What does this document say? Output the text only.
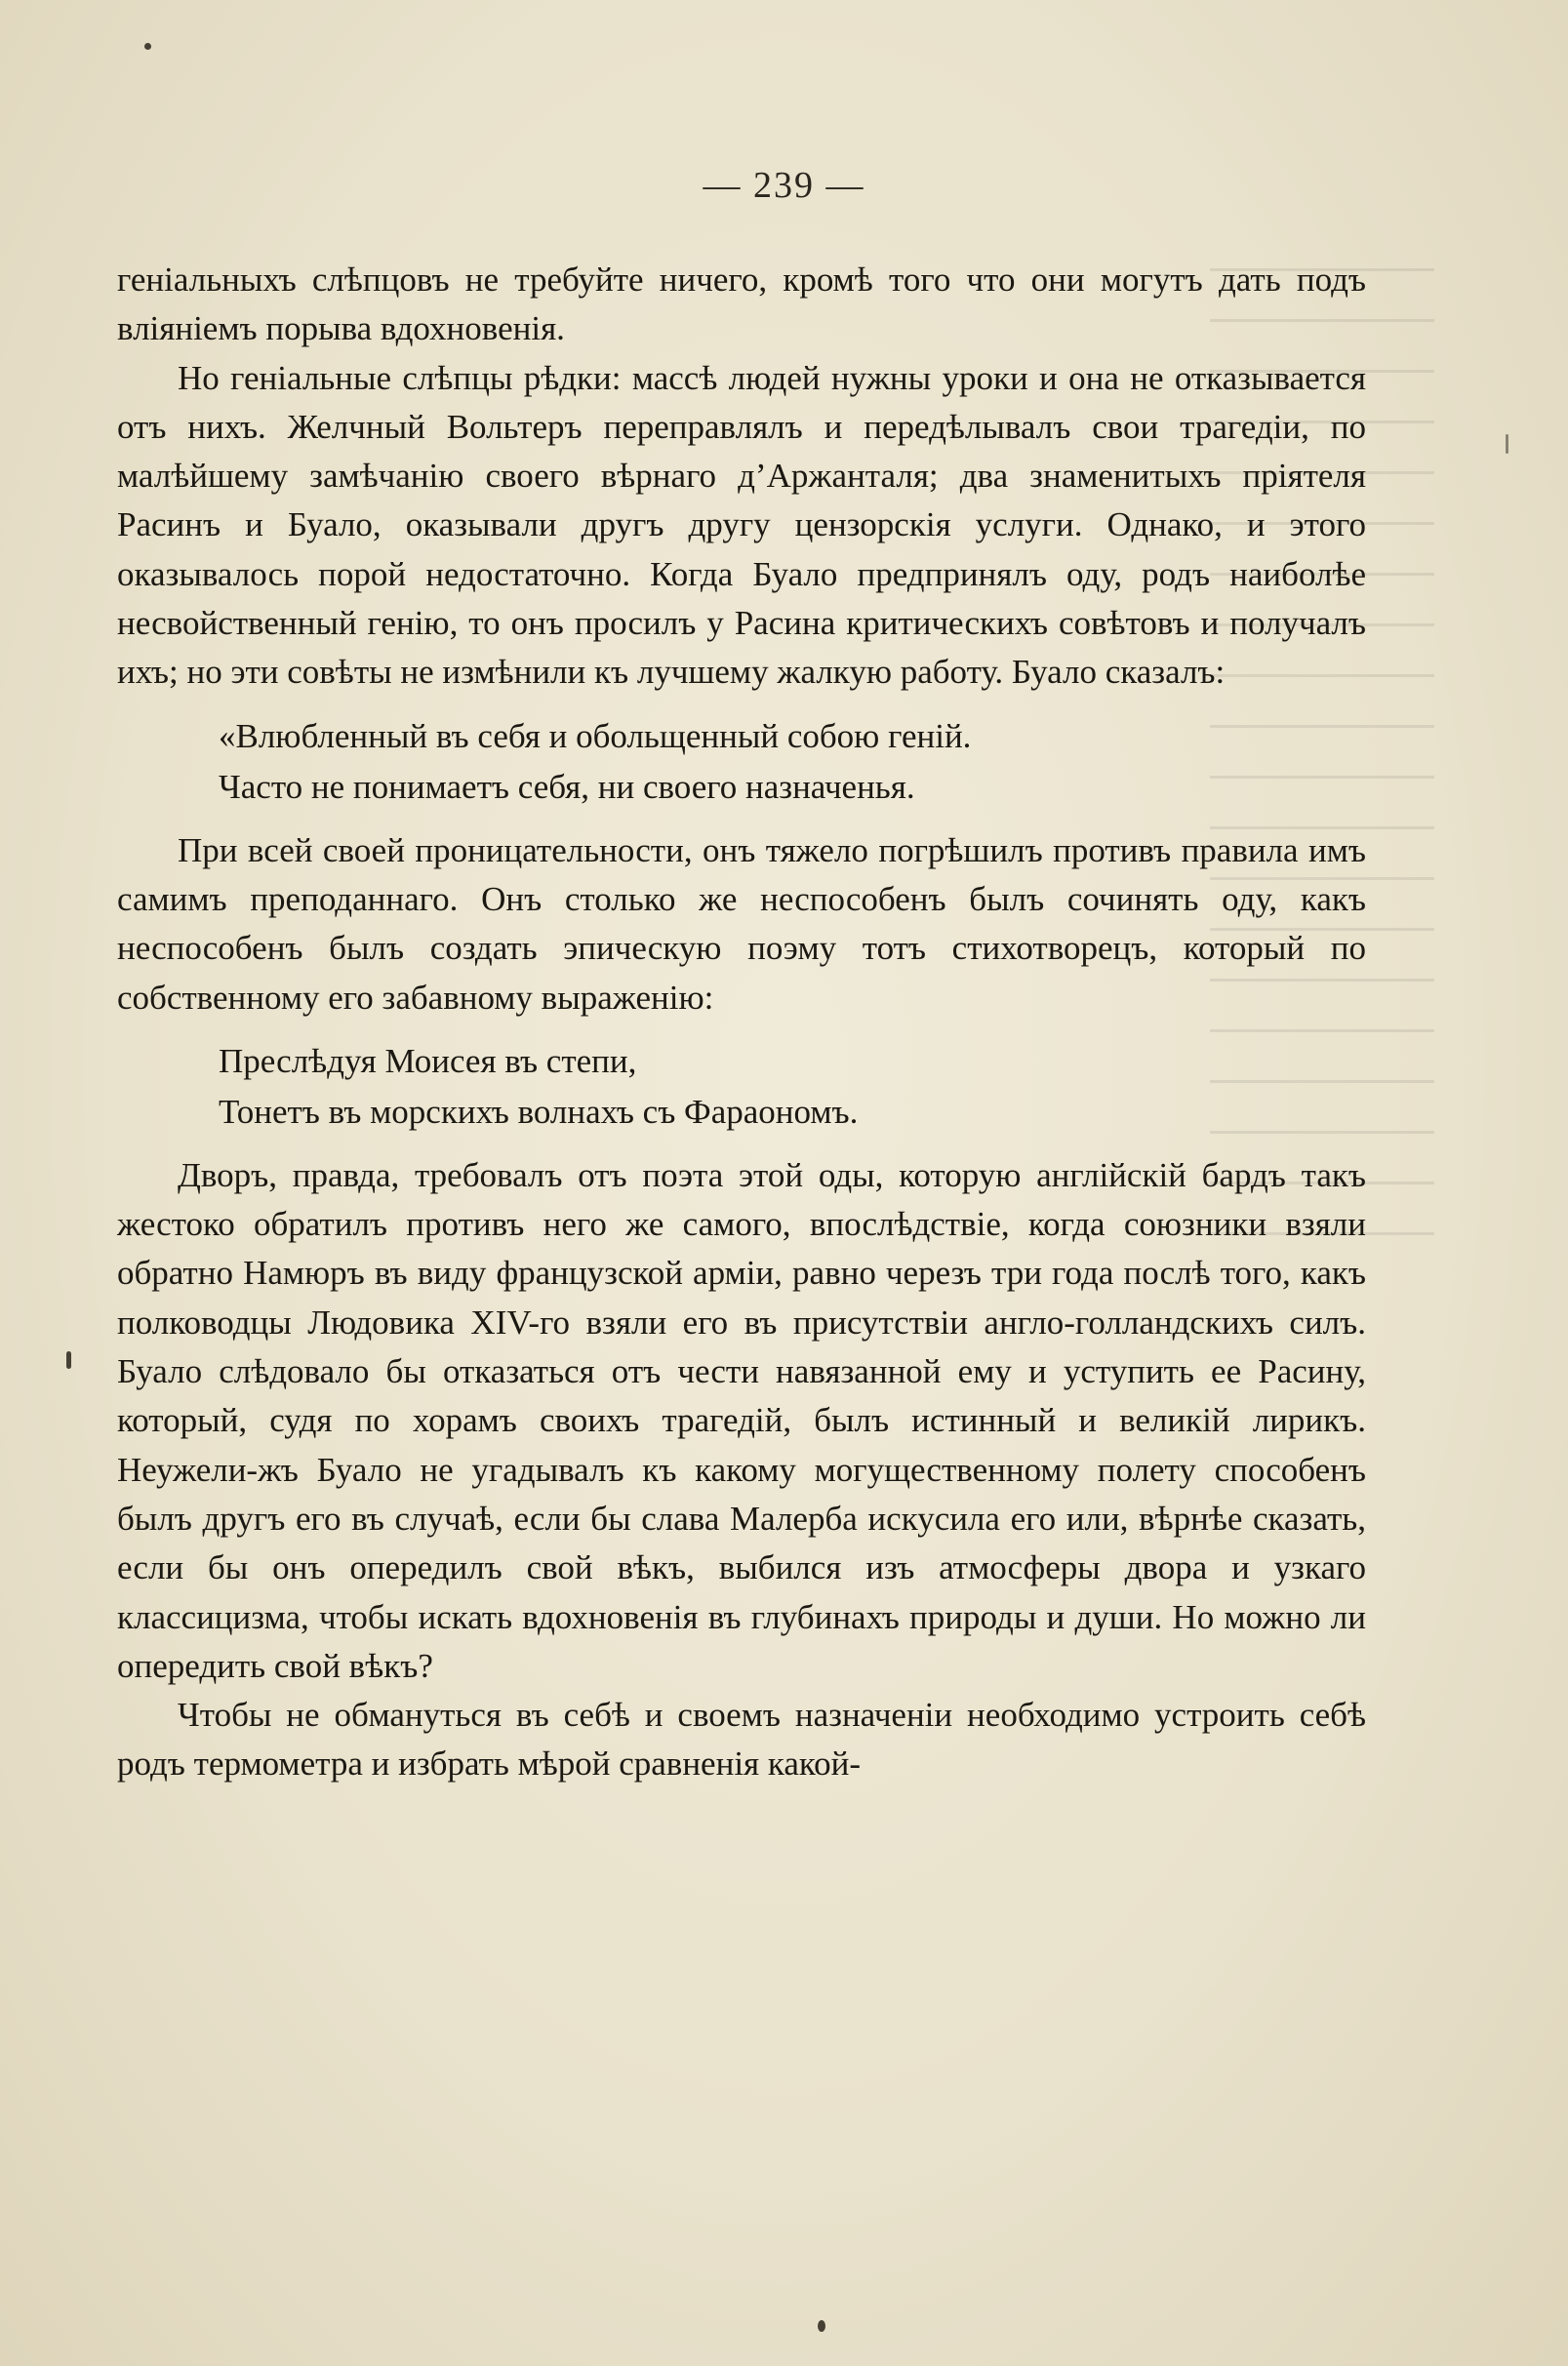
— 239 —

геніальныхъ слѣпцовъ не требуйте ничего, кромѣ того что они могутъ дать подъ вліяніемъ порыва вдохновенія.

Но геніальные слѣпцы рѣдки: массѣ людей нужны уроки и она не отказывается отъ нихъ. Желчный Вольтеръ переправлялъ и передѣлывалъ свои трагедіи, по малѣйшему замѣчанію своего вѣрнаго д’Аржанталя; два знаменитыхъ пріятеля Расинъ и Буало, оказывали другъ другу цензорскія услуги. Однако, и этого оказывалось порой недостаточно. Когда Буало предпринялъ оду, родъ наиболѣе несвойственный генію, то онъ просилъ у Расина критическихъ совѣтовъ и получалъ ихъ; но эти совѣты не измѣнили къ лучшему жалкую работу. Буало сказалъ:

«Влюбленный въ себя и обольщенный собою геній.
Часто не понимаетъ себя, ни своего назначенья.

При всей своей проницательности, онъ тяжело погрѣшилъ противъ правила имъ самимъ преподаннаго. Онъ столько же неспособенъ былъ сочинять оду, какъ неспособенъ былъ создать эпическую поэму тотъ стихотворецъ, который по собственному его забавному выраженію:

Преслѣдуя Моисея въ степи,
Тонетъ въ морскихъ волнахъ съ Фараономъ.

Дворъ, правда, требовалъ отъ поэта этой оды, которую англійскій бардъ такъ жестоко обратилъ противъ него же самого, впослѣдствіе, когда союзники взяли обратно Намюръ въ виду французской арміи, равно черезъ три года послѣ того, какъ полководцы Людовика XIV-го взяли его въ присутствіи англо-голландскихъ силъ. Буало слѣдовало бы отказаться отъ чести навязанной ему и уступить ее Расину, который, судя по хорамъ своихъ трагедій, былъ истинный и великій лирикъ. Неужели-жъ Буало не угадывалъ къ какому могущественному полету способенъ былъ другъ его въ случаѣ, если бы слава Малерба искусила его или, вѣрнѣе сказать, если бы онъ опередилъ свой вѣкъ, выбился изъ атмосферы двора и узкаго классицизма, чтобы искать вдохновенія въ глубинахъ природы и души. Но можно ли опередить свой вѣкъ?

Чтобы не обмануться въ себѣ и своемъ назначеніи необходимо устроить себѣ родъ термометра и избрать мѣрой сравненія какой-
